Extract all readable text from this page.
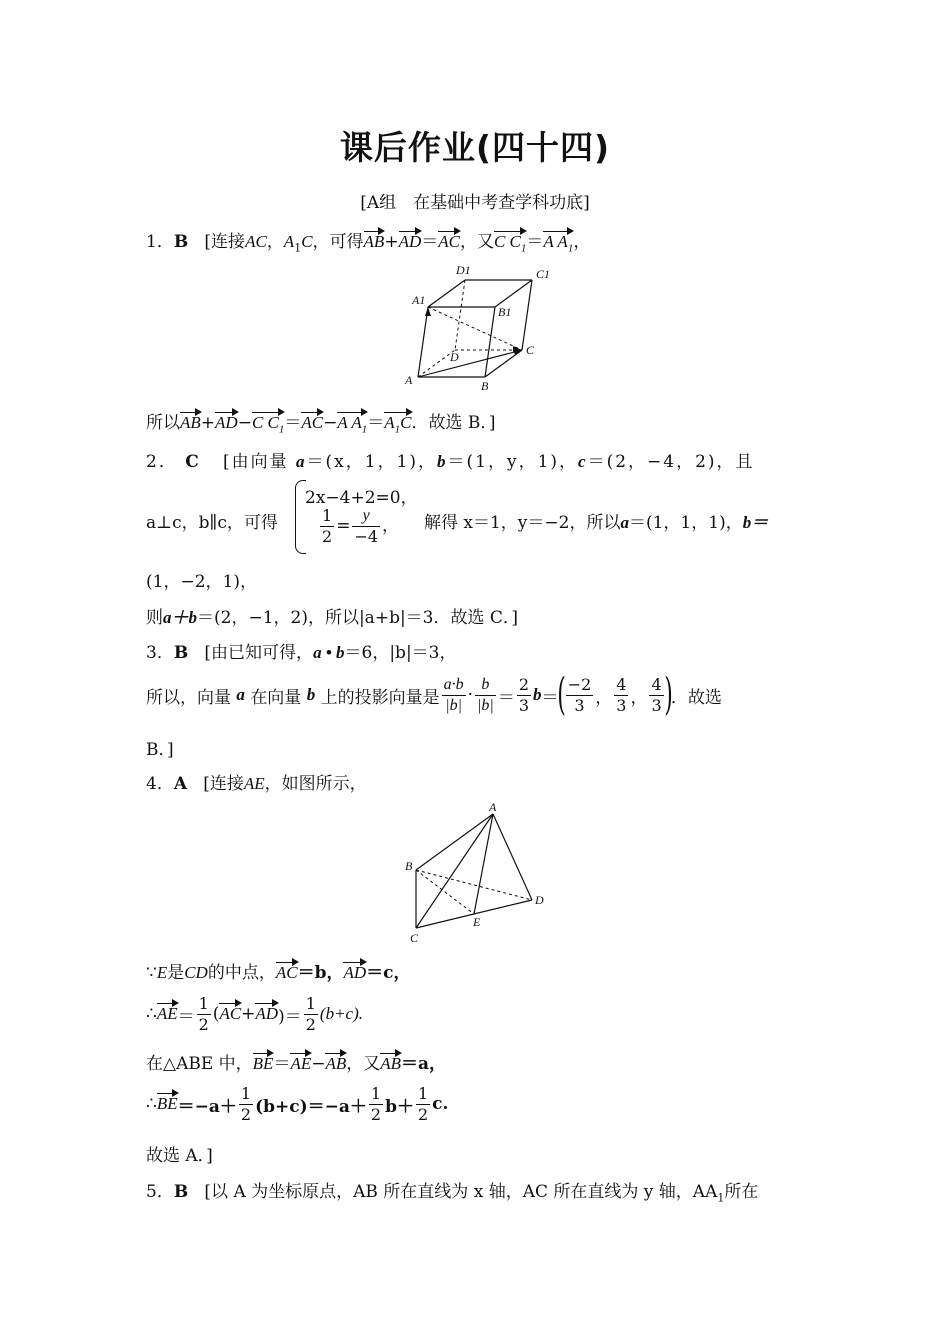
课后作业(四十四)
[A组　在基础中考查学科功底]
1．B [连接AC，$A_1C$，可得AB+AD＝AC，又C $C_1=A$ $A_1$，
D1	C1
A1
B1
D	C
A	B
所以AB+AD−C $C_1=AC-A$ $A_1=A_1C$．故选 B．]
2． C [由向量 a＝(x，1，1)，b＝(1，y，1)，c＝(2，−4，2)，且
a⊥c，b∥c，可得
2x−4+2=0，
$\frac{1}{2} = \frac{y}{-4}$ ， 解得 x＝1，y＝−2，所以a＝(1，1，1)，b＝
(1，−2，1)，
则a＋b＝(2，−1，2)，所以|a+b|＝3．故选 C．]
3．B [由已知可得，a • b＝6，|b|＝3，
所以，向量
a
在向量
b
上的投影向量是 $\frac{a\cdot b}{|b|} \cdot \frac{b}{|b|} = \frac{2}{3}$ b ＝
( $\frac{-2}{3}$ ， $\frac{4}{3}$ ， $\frac{4}{3}$ )
．故选
B．]
4．A [连接AE，如图所示，
A
B
D
E
C
∵E是CD的中点，AC＝b，AD＝c，
∴ AE ＝ $\frac{1}{2}$ ( AC + AD )＝ $\frac{1}{2} (b+c)$.
在△ABE 中，BE＝AE−AB，又AB＝a，
∴ BE $=-a+ \frac{1}{2} (b+c)=-a+ \frac{1}{2} b+ \frac{1}{2} c$.
故选 A．]
5．B [以 A 为坐标原点，AB 所在直线为 x 轴，AC 所在直线为 y 轴，$AA_1$所在
